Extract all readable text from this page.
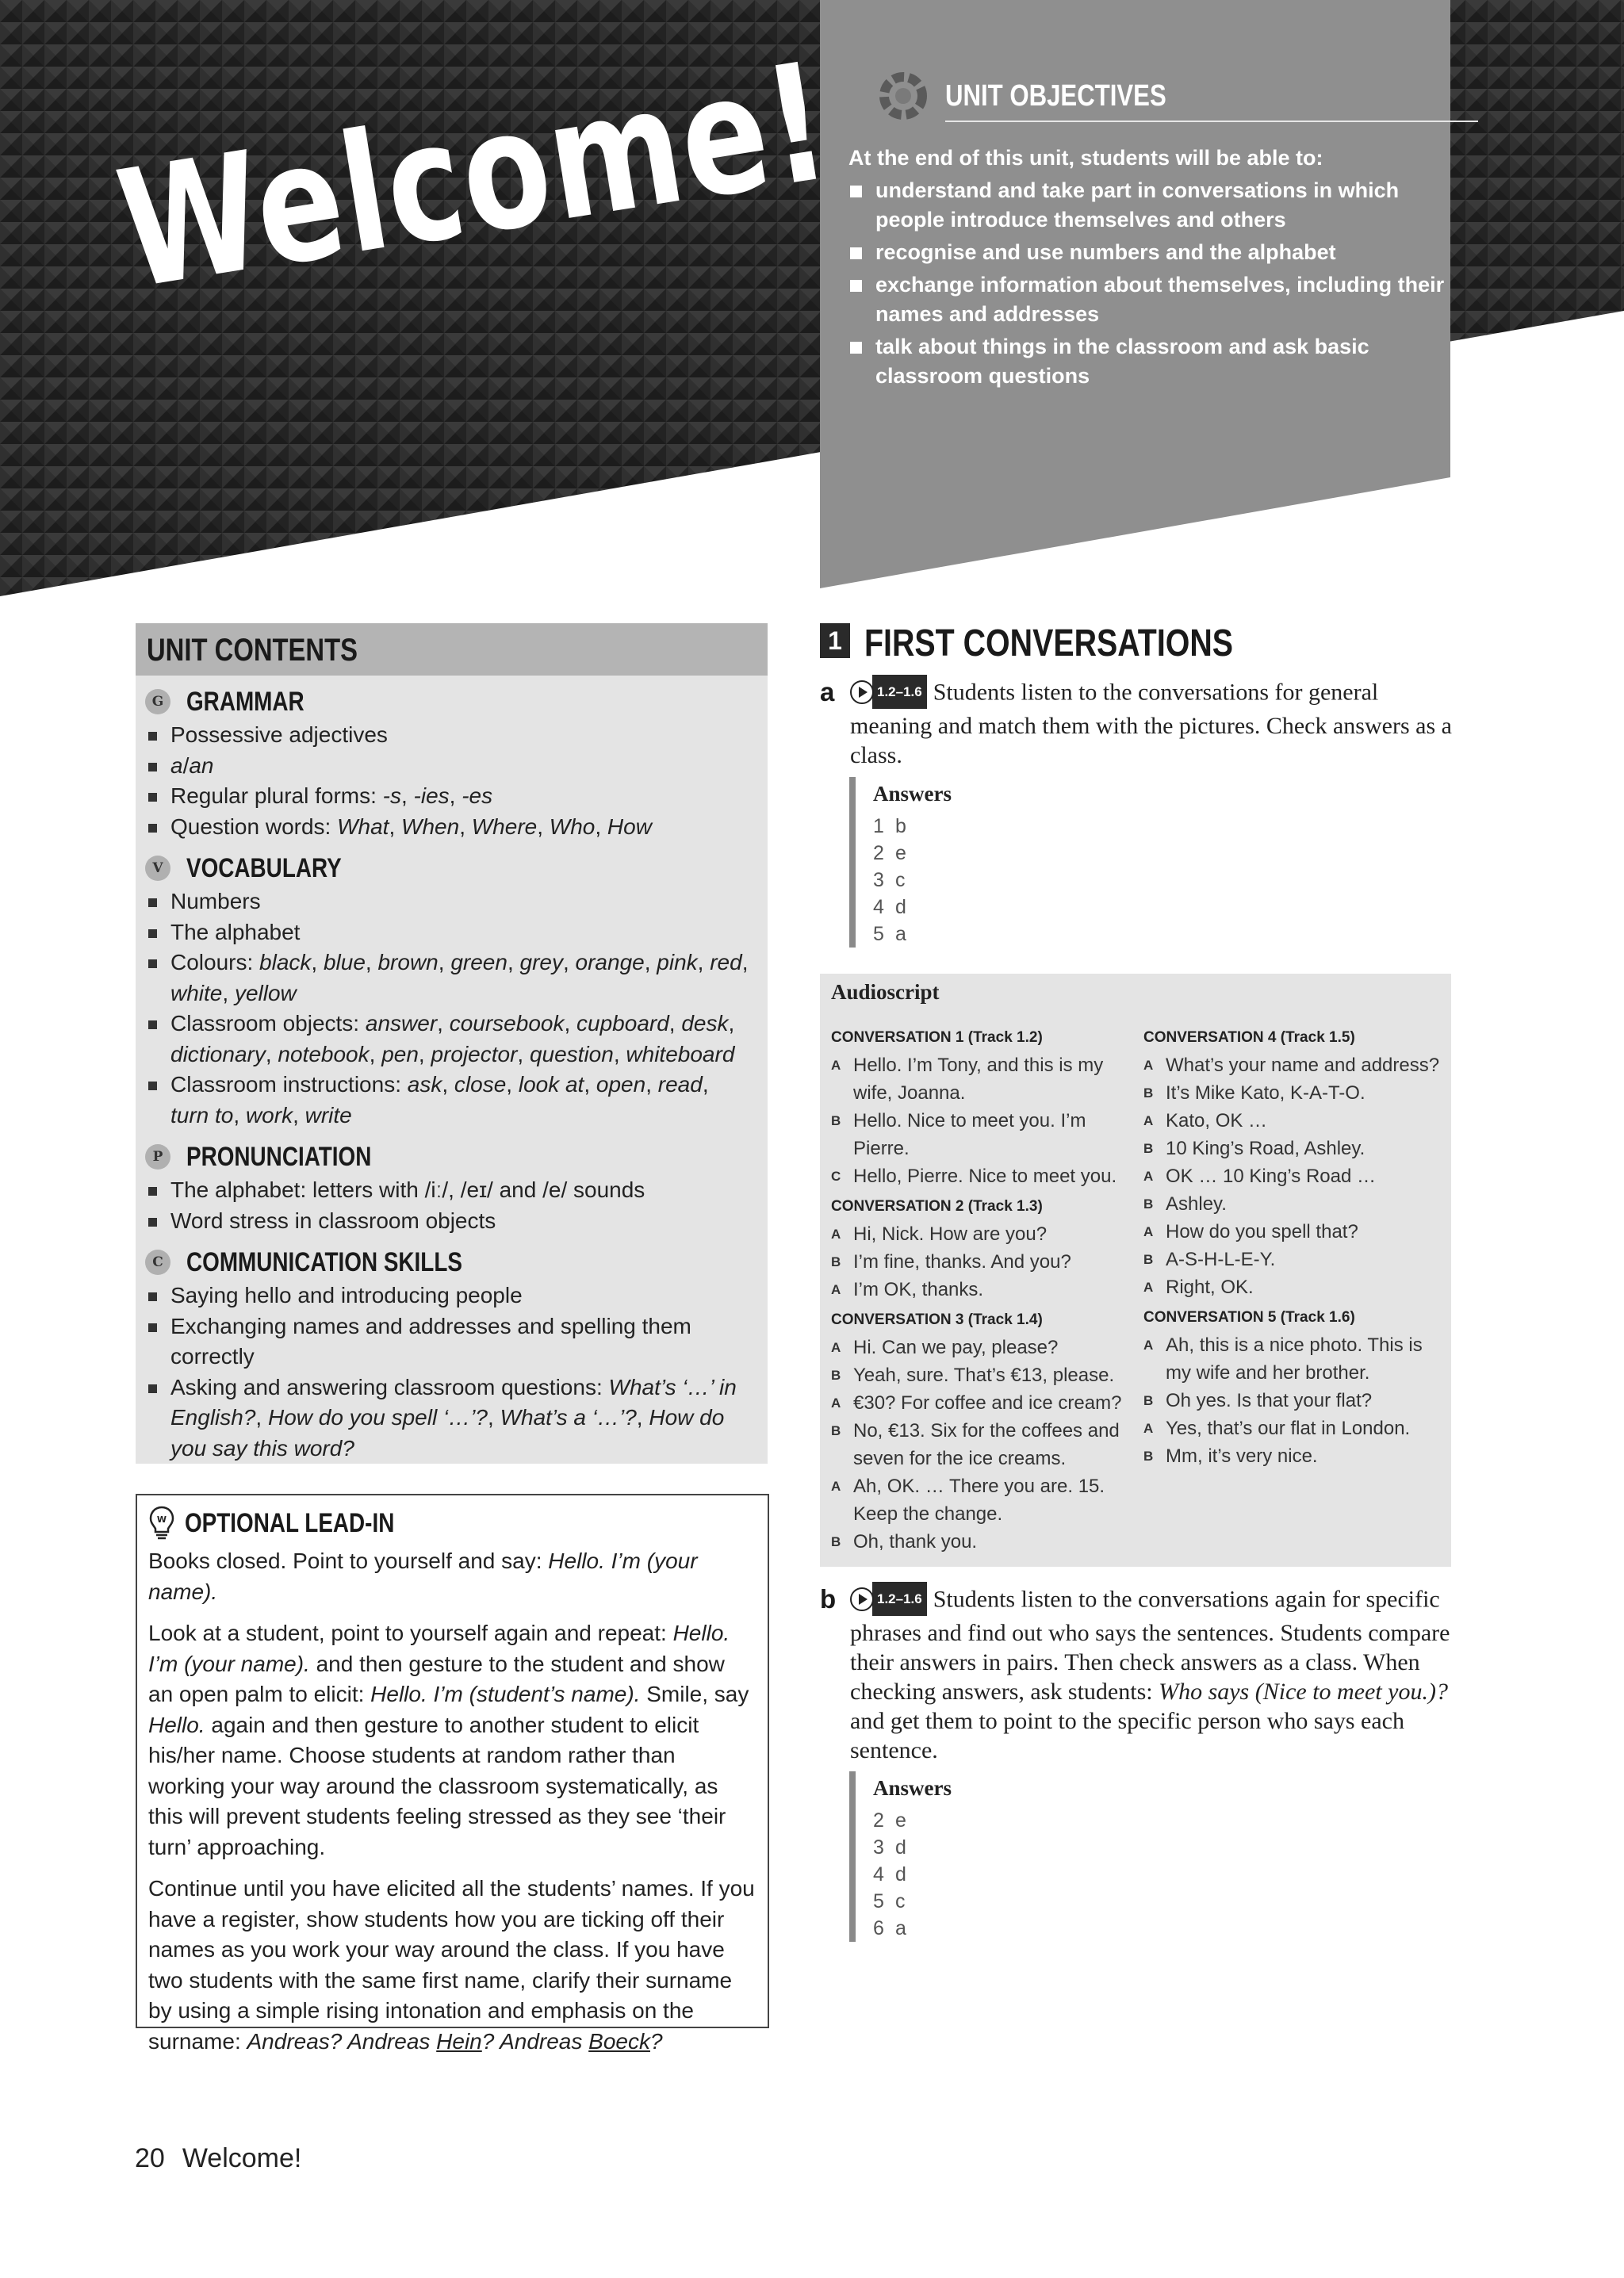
Welcome!	UNIT OBJECTIVES
At the end of this unit, students will be able to:
understand and take part in conversations in which people introduce themselves and others
recognise and use numbers and the alphabet
exchange information about themselves, including their names and addresses
talk about things in the classroom and ask basic classroom questions
UNIT CONTENTS
G GRAMMAR
Possessive adjectives
a/an
Regular plural forms: -s, -ies, -es
Question words: What, When, Where, Who, How
V VOCABULARY
Numbers
The alphabet
Colours: black, blue, brown, green, grey, orange, pink, red, white, yellow
Classroom objects: answer, coursebook, cupboard, desk, dictionary, notebook, pen, projector, question, whiteboard
Classroom instructions: ask, close, look at, open, read, turn to, work, write
P PRONUNCIATION
The alphabet: letters with /iː/, /eɪ/ and /e/ sounds
Word stress in classroom objects
C COMMUNICATION SKILLS
Saying hello and introducing people
Exchanging names and addresses and spelling them correctly
Asking and answering classroom questions: What’s ‘…’ in English?, How do you spell ‘…’?, What’s a ‘…’?, How do you say this word?
W OPTIONAL LEAD-IN

Books closed. Point to yourself and say: Hello. I’m (your name).

Look at a student, point to yourself again and repeat: Hello. I’m (your name). and then gesture to the student and show an open palm to elicit: Hello. I’m (student’s name). Smile, say Hello. again and then gesture to another student to elicit his/her name. Choose students at random rather than working your way around the classroom systematically, as this will prevent students feeling stressed as they see ‘their turn’ approaching.

Continue until you have elicited all the students’ names. If you have a register, show students how you are ticking off their names as you work your way around the class. If you have two students with the same first name, clarify their surname by using a simple rising intonation and emphasis on the surname: Andreas? Andreas Hein? Andreas Boeck?

1 FIRST CONVERSATIONS
a	1.2–1.6 Students listen to the conversations for general meaning and match them with the pictures. Check answers as a class.

Answers
1 b
2 e
3 c
4 d
5 a
Audioscript
CONVERSATION 1 (Track 1.2)
A Hello. I’m Tony, and this is my wife, Joanna.
B Hello. Nice to meet you. I’m Pierre.
C Hello, Pierre. Nice to meet you.
CONVERSATION 2 (Track 1.3)
A Hi, Nick. How are you?
B I’m fine, thanks. And you?
A I’m OK, thanks.
CONVERSATION 3 (Track 1.4)
A Hi. Can we pay, please?
B Yeah, sure. That’s €13, please.
A €30? For coffee and ice cream?
B No, €13. Six for the coffees and seven for the ice creams.
A Ah, OK. … There you are. 15. Keep the change.
B Oh, thank you.
CONVERSATION 4 (Track 1.5)
A What’s your name and address?
B It’s Mike Kato, K-A-T-O.
A Kato, OK …
B 10 King’s Road, Ashley.
A OK … 10 King’s Road …
B Ashley.
A How do you spell that?
B A-S-H-L-E-Y.
A Right, OK.
CONVERSATION 5 (Track 1.6)
A Ah, this is a nice photo. This is my wife and her brother.
B Oh yes. Is that your flat?
A Yes, that’s our flat in London.
B Mm, it’s very nice.
b	1.2–1.6 Students listen to the conversations again for specific phrases and find out who says the sentences. Students compare their answers in pairs. Then check answers as a class. When checking answers, ask students: Who says (Nice to meet you.)? and get them to point to the specific person who says each sentence.

Answers
2 e
3 d
4 d
5 c
6 a
20 Welcome!
